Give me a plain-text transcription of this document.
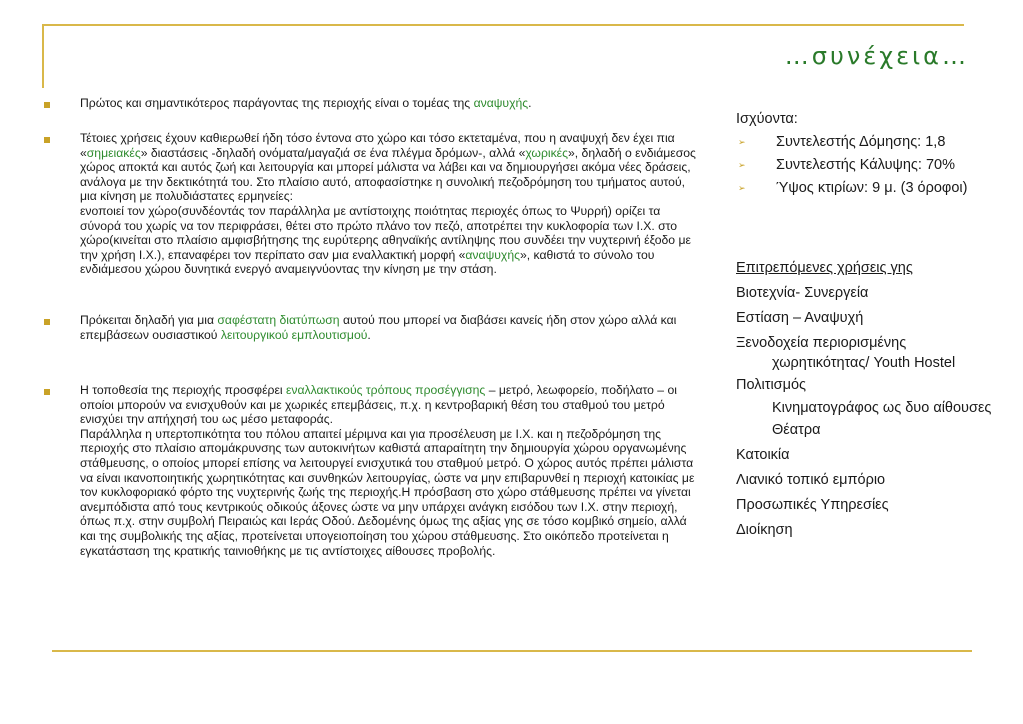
…συνέχεια…

Πρώτος και σημαντικότερος παράγοντας της περιοχής είναι ο τομέας της αναψυχής.

Τέτοιες χρήσεις έχουν καθιερωθεί ήδη τόσο έντονα στο χώρο και τόσο εκτεταμένα, που η αναψυχή δεν έχει πια «σημειακές» διαστάσεις -δηλαδή ονόματα/μαγαζιά σε ένα πλέγμα δρόμων-, αλλά «χωρικές», δηλαδή ο ενδιάμεσος χώρος αποκτά και αυτός ζωή και λειτουργία και μπορεί μάλιστα να λάβει και να δημιουργήσει ακόμα νέες δράσεις, ανάλογα με την δεκτικότητά του. Στο πλαίσιο αυτό, αποφασίστηκε η συνολική πεζοδρόμηση του τμήματος αυτού, μια κίνηση με πολυδιάστατες ερμηνείες:
ενοποιεί τον χώρο(συνδέοντάς τον παράλληλα με αντίστοιχης ποιότητας περιοχές όπως το Ψυρρή) ορίζει τα σύνορά του χωρίς να τον περιφράσει, θέτει στο πρώτο πλάνο τον πεζό, αποτρέπει την κυκλοφορία των Ι.Χ. στο χώρο(κινείται στο πλαίσιο αμφισβήτησης της ευρύτερης αθηναϊκής αντίληψης που συνδέει την νυχτερινή έξοδο με την χρήση Ι.Χ.), επαναφέρει τον περίπατο σαν μια εναλλακτική μορφή «αναψυχής», καθιστά το σύνολο του ενδιάμεσου χώρου δυνητικά ενεργό αναμειγνύοντας την κίνηση με την στάση.

Πρόκειται δηλαδή για μια σαφέστατη διατύπωση αυτού που μπορεί να διαβάσει κανείς ήδη στον χώρο αλλά και επεμβάσεων ουσιαστικού λειτουργικού εμπλουτισμού.

Η τοποθεσία της περιοχής προσφέρει εναλλακτικούς τρόπους προσέγγισης – μετρό, λεωφορείο, ποδήλατο – οι οποίοι μπορούν να ενισχυθούν και με χωρικές επεμβάσεις, π.χ. η κεντροβαρική θέση του σταθμού του μετρό ενισχύει την απήχησή του ως μέσο μεταφοράς.
Παράλληλα η υπερτοπικότητα του πόλου απαιτεί μέριμνα και για προσέλευση με Ι.Χ. και η πεζοδρόμηση της περιοχής στο πλαίσιο απομάκρυνσης των αυτοκινήτων καθιστά απαραίτητη την δημιουργία χώρου οργανωμένης στάθμευσης, ο οποίος μπορεί επίσης να λειτουργεί ενισχυτικά του σταθμού μετρό. Ο χώρος αυτός πρέπει μάλιστα να είναι ικανοποιητικής χωρητικότητας και συνθηκών λειτουργίας, ώστε να μην επιβαρυνθεί η περιοχή κατοικίας με τον κυκλοφοριακό φόρτο της νυχτερινής ζωής της περιοχής.Η πρόσβαση στο χώρο στάθμευσης πρέπει να γίνεται ανεμπόδιστα από τους κεντρικούς οδικούς άξονες ώστε να μην υπάρχει ανάγκη εισόδου των Ι.Χ. στην περιοχή, όπως π.χ. στην συμβολή Πειραιώς και Ιεράς Οδού. Δεδομένης όμως της αξίας γης σε τόσο κομβικό σημείο, αλλά και της συμβολικής της αξίας, προτείνεται υπογειοποίηση του χώρου στάθμευσης. Στο οικόπεδο προτείνεται η εγκατάσταση της κρατικής ταινιοθήκης με τις αντίστοιχες αίθουσες προβολής.

Ισχύοντα:

➢ Συντελεστής Δόμησης: 1,8
➢ Συντελεστής Κάλυψης: 70%
➢ Ύψος κτιρίων: 9 μ. (3 όροφοι)

Επιτρεπόμενες χρήσεις γης

Βιοτεχνία- Συνεργεία

Εστίαση – Αναψυχή

Ξενοδοχεία περιορισμένης

χωρητικότητας/ Youth Hostel

Πολιτισμός

Κινηματογράφος ως δυο αίθουσες

Θέατρα

Κατοικία

Λιανικό τοπικό εμπόριο

Προσωπικές Υπηρεσίες

Διοίκηση
